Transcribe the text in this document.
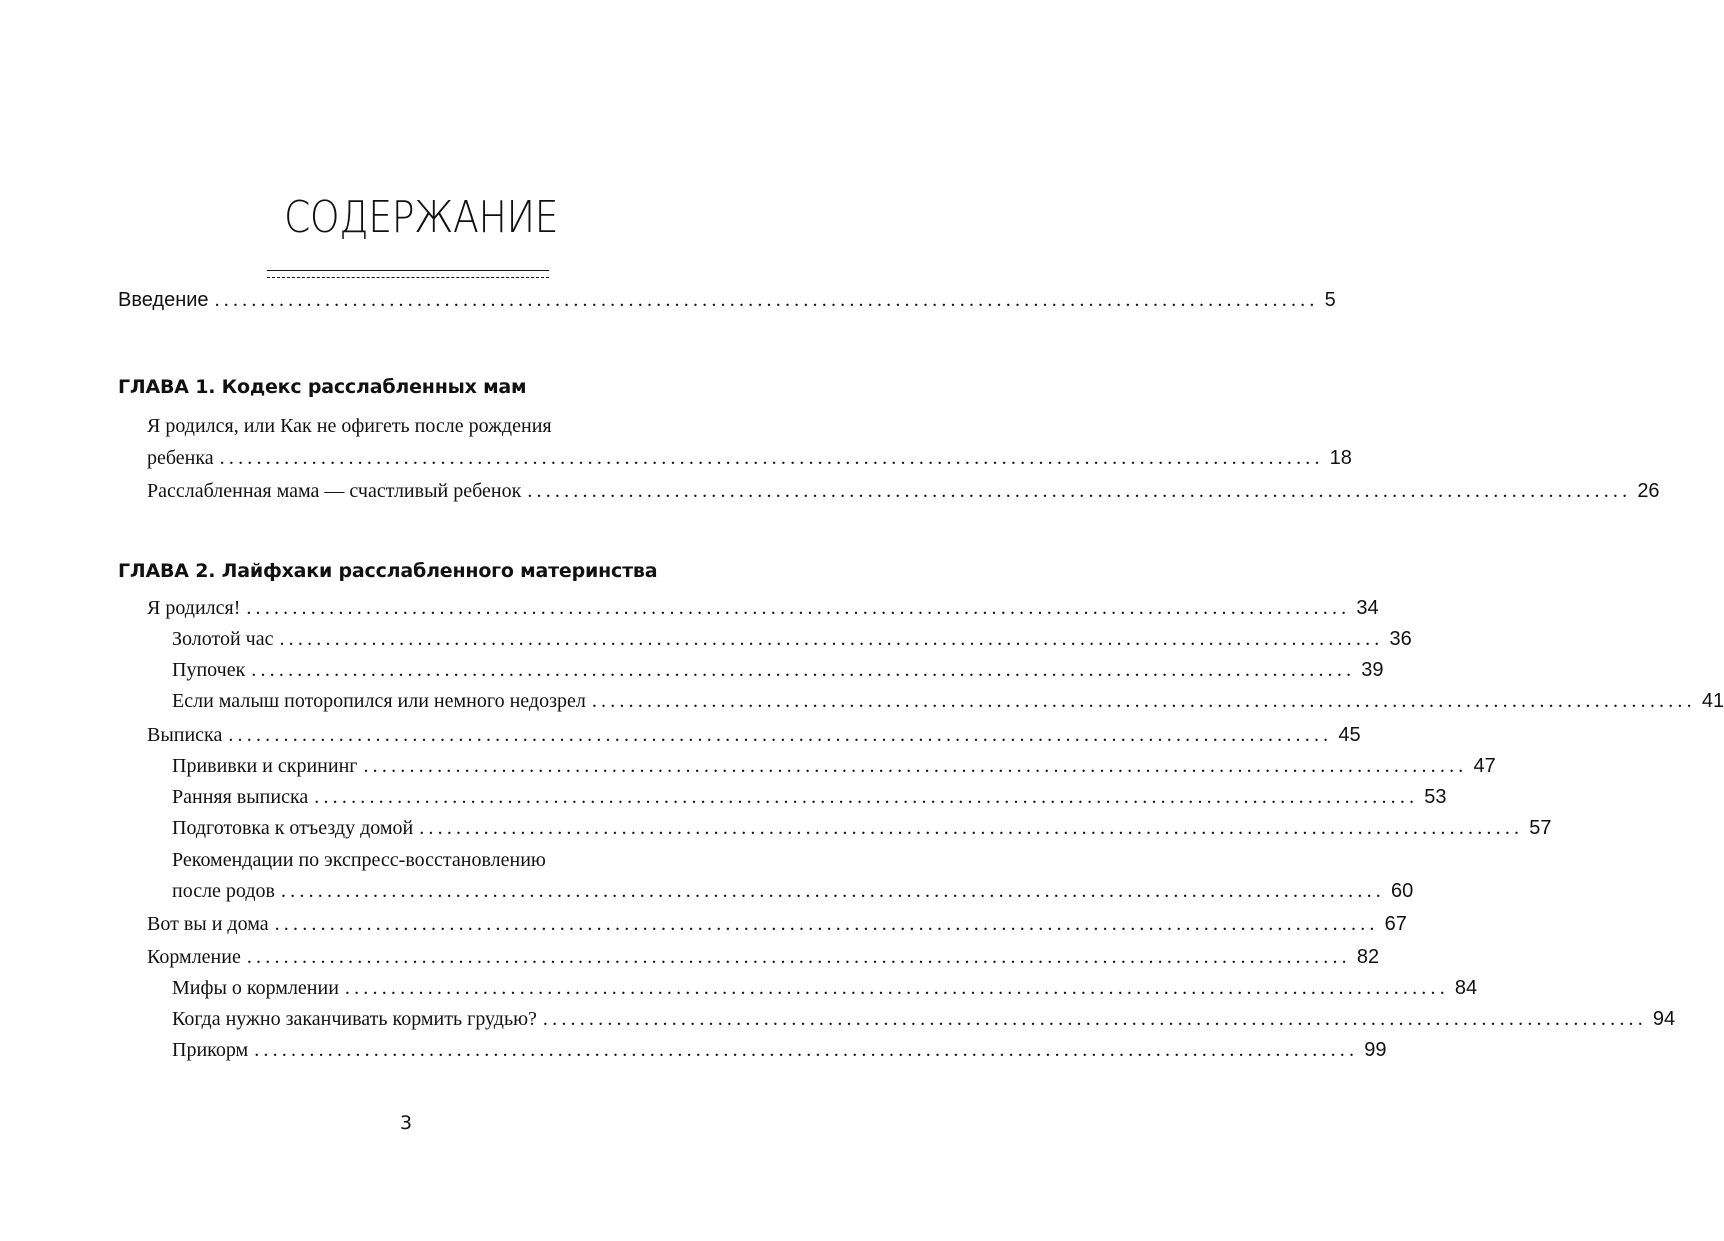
СОДЕРЖАНИЕ
Введение ........................................................................................................................ 5
ГЛАВА 1. Кодекс расслабленных мам
Я родился, или Как не офигеть после рождения
ребенка ........................................................................................................................ 18
Расслабленная мама — счастливый ребенок ........................................................................................................................ 26
ГЛАВА 2. Лайфхаки расслабленного материнства
Я родился! ........................................................................................................................ 34
Золотой час ........................................................................................................................ 36
Пупочек ........................................................................................................................ 39
Если малыш поторопился или немного недозрел ........................................................................................................................ 41
Выписка ........................................................................................................................ 45
Прививки и скрининг ........................................................................................................................ 47
Ранняя выписка ........................................................................................................................ 53
Подготовка к отъезду домой ........................................................................................................................ 57
Рекомендации по экспресс-восстановлению
после родов ........................................................................................................................ 60
Вот вы и дома ........................................................................................................................ 67
Кормление ........................................................................................................................ 82
Мифы о кормлении ........................................................................................................................ 84
Когда нужно заканчивать кормить грудью? ........................................................................................................................ 94
Прикорм ........................................................................................................................ 99
3
